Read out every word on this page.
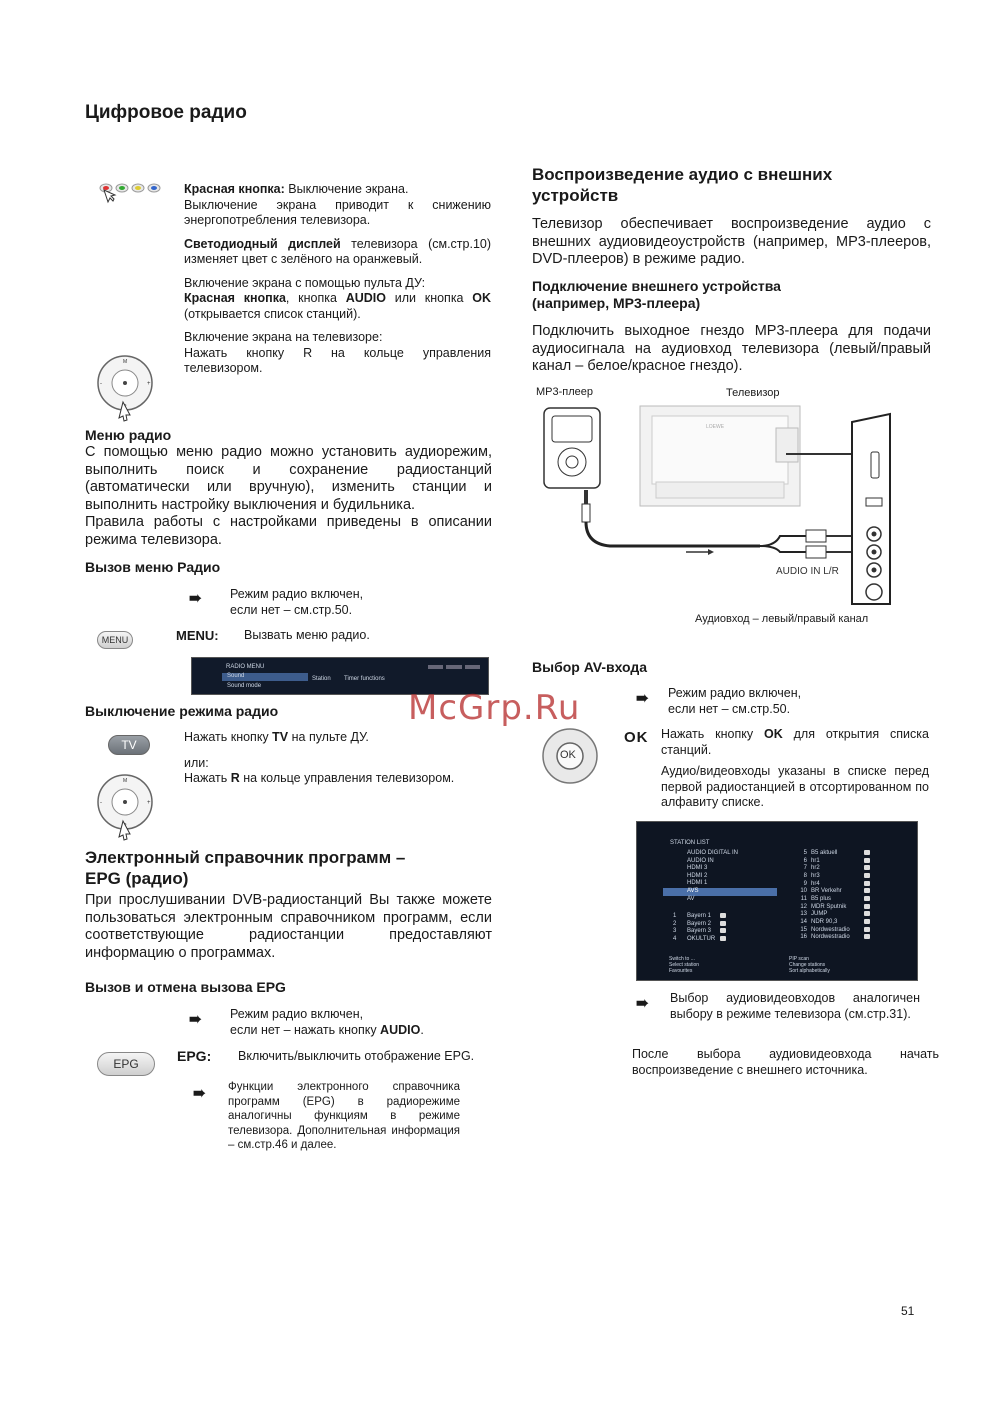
Цифровое радио
Красная кнопка: Выключение экрана.
Выключение экрана приводит к снижению энергопотребления телевизора.
Светодиодный дисплей телевизора (см.стр.10) изменяет цвет с зелёного на оранжевый.
Включение экрана с помощью пульта ДУ:
Красная кнопка, кнопка AUDIO или кнопка OK (открывается список станций).
Включение экрана на телевизоре:
Нажать кнопку R на кольце управления телевизором.
M
-	+
Меню радио
С помощью меню радио можно установить аудиорежим, выполнить поиск и сохранение радиостанций (автоматически или вручную), изменить станции и выполнить настройку выключения и будильника.
Правила работы с настройками приведены в описании режима телевизора.
Вызов меню Радио
➠ Режим радио включен,
если нет – см.стр.50.
MENU	MENU: Вызвать меню радио.
RADIO MENU
Sound
Sound mode
Station Timer functions
Выключение режима радио
TV
Нажать кнопку TV на пульте ДУ.
или:
Нажать R на кольце управления телевизором.
M
-	+
Электронный справочник программ –
EPG (радио)
При прослушивании DVB-радиостанций Вы также можете пользоваться электронным справочником программ, если соответствующие радиостанции предоставляют информацию о программах.
Вызов и отмена вызова EPG
➠ Режим радио включен,
если нет – нажать кнопку AUDIO.
EPG	EPG: Включить/выключить отображение EPG.
➠ Функции электронного справочника программ (EPG) в радиорежиме аналогичны функциям в режиме телевизора. Дополнительная информация – см.стр.46 и далее.
Воспроизведение аудио с внешних
устройств
Телевизор обеспечивает воспроизведение аудио с внешних аудиовидеоустройств (например, MP3-плееров, DVD-плееров) в режиме радио.
Подключение внешнего устройства
(например, MP3-плеера)
Подключить выходное гнездо MP3-плеера для подачи аудиосигнала на аудиовход телевизора (левый/правый канал – белое/красное гнездо).
MP3-плеер	Телевизор
LOEWE
AUDIO IN L/R
Аудиовход – левый/правый канал
Выбор AV-входа
➠ Режим радио включен,
если нет – см.стр.50.
OK
OK Нажать кнопку OK для открытия списка станций.
Аудио/видеовходы указаны в списке перед первой радиостанцией в отсортированном по алфавиту списке.
STATION LIST
AUDIO DIGITAL IN
AUDIO IN
HDMI 3
HDMI 2
HDMI 1
AVS
AV
1 Bayern 1
2 Bayern 2
3 Bayern 3
4 OKULTUR
5 B5 aktuell
6 hr1
7 hr2
8 hr3
9 hr4
10 BR Verkehr
11 B5 plus
12 MDR Sputnik
13 JUMP
14 NDR 90,3
15 Nordwestradio
16 Nordwestradio
Switch to ...
Select station
Favourites
PIP scan
Change stations
Sort alphabetically
➠ Выбор аудиовидеовходов аналогичен выбору в режиме телевизора (см.стр.31).
После выбора аудиовидеовхода начать воспроизведение с внешнего источника.
McGrp.Ru
51
